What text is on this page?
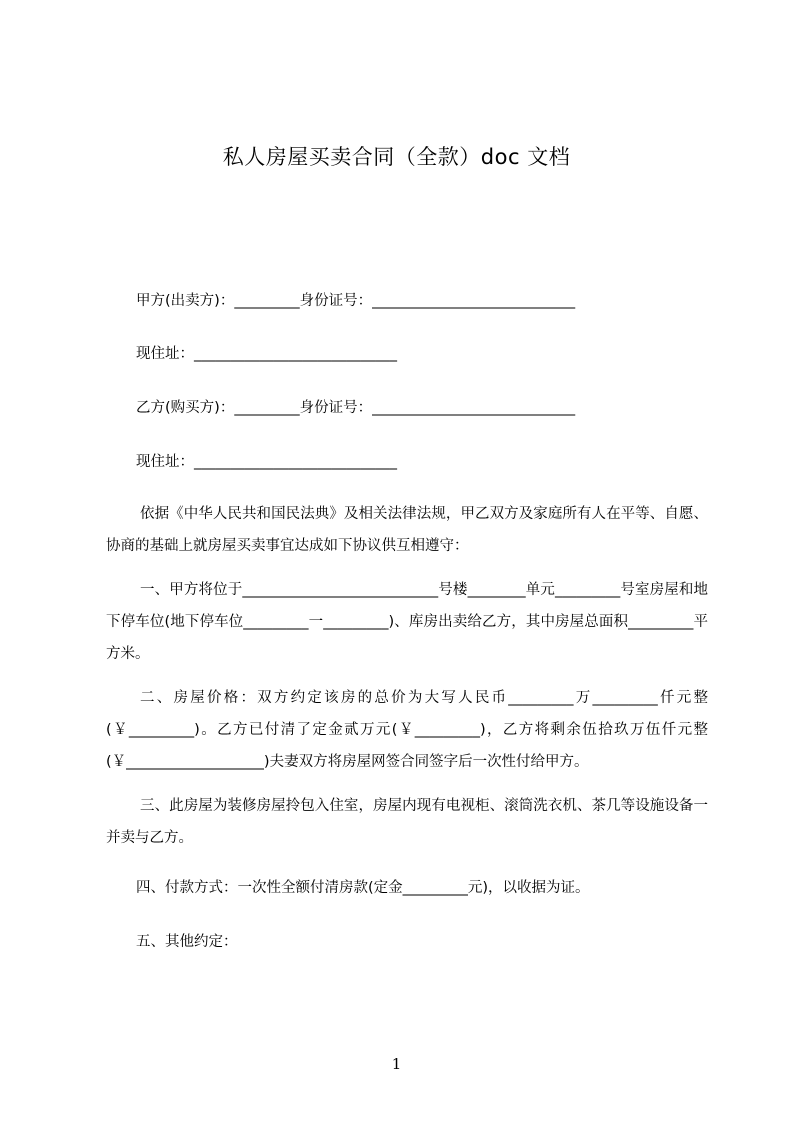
私人房屋买卖合同（全款）doc 文档
甲方(出卖方)：_________身份证号：____________________________
现住址：____________________________
乙方(购买方)：_________身份证号：____________________________
现住址：____________________________
依据《中华人民共和国民法典》及相关法律法规，甲乙双方及家庭所有人在平等、自愿、协商的基础上就房屋买卖事宜达成如下协议供互相遵守：
一、甲方将位于___________________________号楼________单元_________号室房屋和地下停车位(地下停车位_________一_________)、库房出卖给乙方，其中房屋总面积_________平方米。
二、房屋价格：双方约定该房的总价为大写人民币_________万_________仟元整(￥_________)。乙方已付清了定金贰万元(￥_________)，乙方将剩余伍拾玖万伍仟元整(￥___________________)夫妻双方将房屋网签合同签字后一次性付给甲方。
三、此房屋为装修房屋拎包入住室，房屋内现有电视柜、滚筒洗衣机、茶几等设施设备一并卖与乙方。
四、付款方式：一次性全额付清房款(定金_________元)，以收据为证。
五、其他约定：
1
